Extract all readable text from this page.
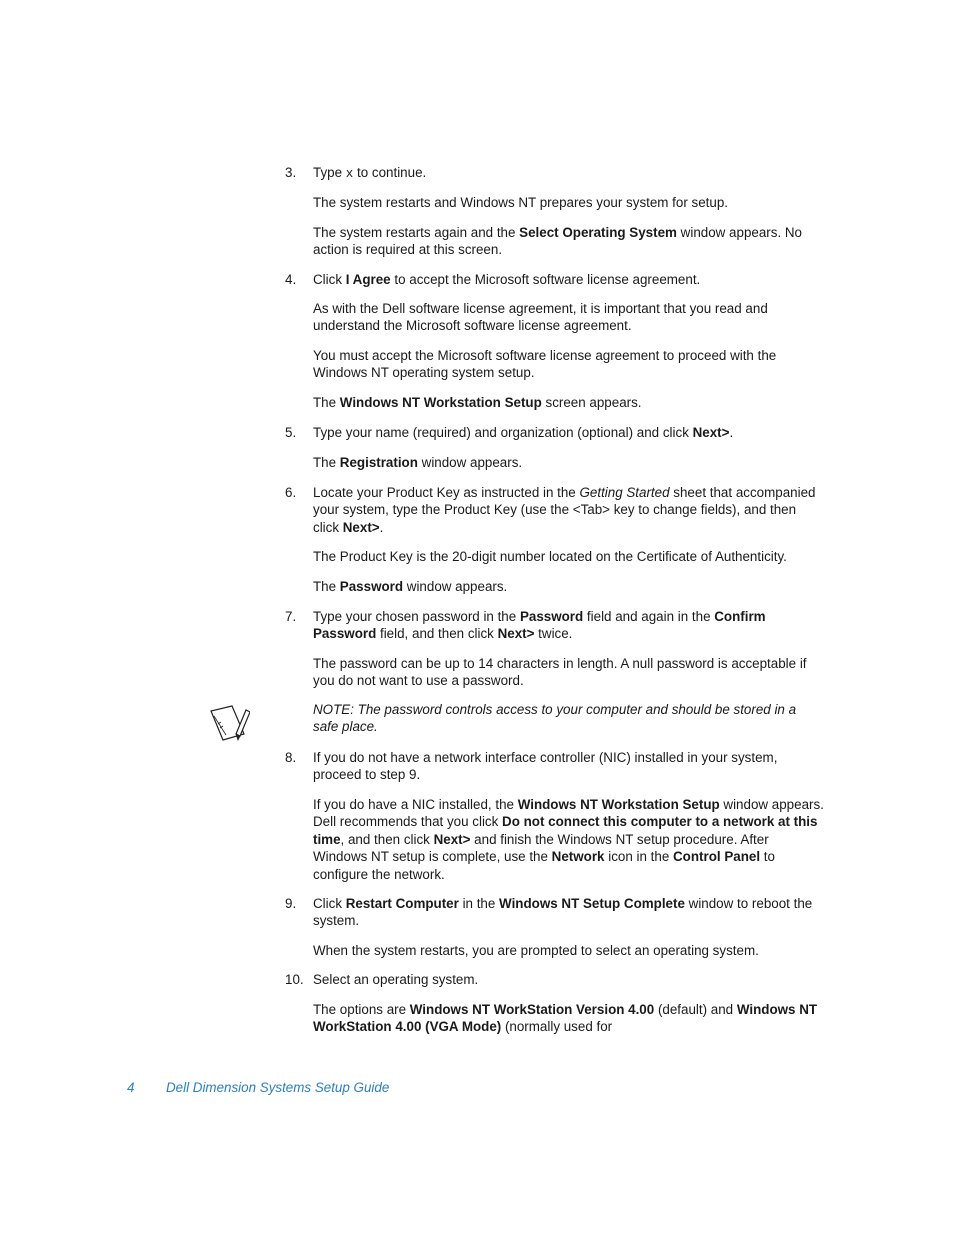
3. Type x to continue.

The system restarts and Windows NT prepares your system for setup.

The system restarts again and the Select Operating System window appears. No action is required at this screen.

4. Click I Agree to accept the Microsoft software license agreement.

As with the Dell software license agreement, it is important that you read and understand the Microsoft software license agreement.

You must accept the Microsoft software license agreement to proceed with the Windows NT operating system setup.

The Windows NT Workstation Setup screen appears.

5. Type your name (required) and organization (optional) and click Next>.

The Registration window appears.

6. Locate your Product Key as instructed in the Getting Started sheet that accompanied your system, type the Product Key (use the <Tab> key to change fields), and then click Next>.

The Product Key is the 20-digit number located on the Certificate of Authenticity.

The Password window appears.

7. Type your chosen password in the Password field and again in the Confirm Password field, and then click Next> twice.

The password can be up to 14 characters in length. A null password is acceptable if you do not want to use a password.

NOTE: The password controls access to your computer and should be stored in a safe place.

8. If you do not have a network interface controller (NIC) installed in your system, proceed to step 9.

If you do have a NIC installed, the Windows NT Workstation Setup window appears. Dell recommends that you click Do not connect this computer to a network at this time, and then click Next> and finish the Windows NT setup procedure. After Windows NT setup is complete, use the Network icon in the Control Panel to configure the network.

9. Click Restart Computer in the Windows NT Setup Complete window to reboot the system.

When the system restarts, you are prompted to select an operating system.

10. Select an operating system.

The options are Windows NT WorkStation Version 4.00 (default) and Windows NT WorkStation 4.00 (VGA Mode) (normally used for

4 Dell Dimension Systems Setup Guide
